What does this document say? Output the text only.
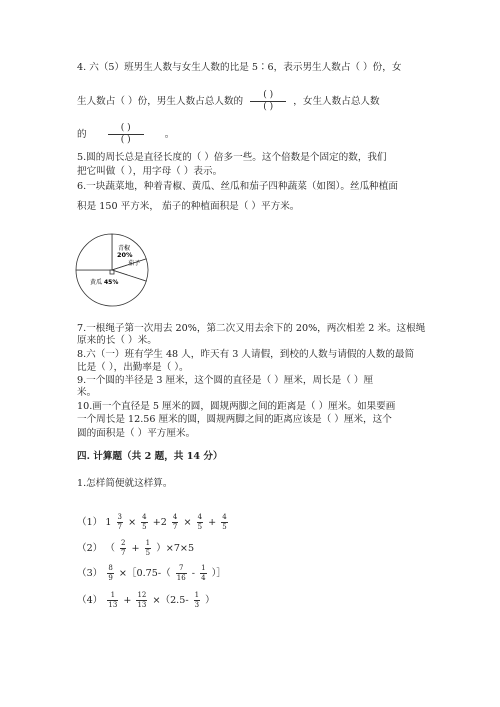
4. 六（5）班男生人数与女生人数的比是 5∶6，表示男生人数占（ ）份，女
生人数占（ ）份，男生人数占总人数的
( )
( )	，女生人数占总人数
的
( )
( )	。
5.圆的周长总是直径长度的（ ）倍多一些。这个倍数是个固定的数，我们
把它叫做（ ），用字母（ ）表示。
6.一块蔬菜地，种着青椒、黄瓜、丝瓜和茄子四种蔬菜（如图）。丝瓜种植面
积是 150 平方米， 茄子的种植面积是（ ）平方米。
青椒
20%
茄子
黄瓜 45%
7.一根绳子第一次用去 20%，第二次又用去余下的 20%，两次相差 2 米。这根绳
原来的长（ ）米。
8.六（一）班有学生 48 人，昨天有 3 人请假，到校的人数与请假的人数的最简
比是（ ），出勤率是（ ）。
9.一个圆的半径是 3 厘米，这个圆的直径是（ ）厘米，周长是（ ）厘
米。
10.画一个直径是 5 厘米的圆，圆规两脚之间的距离是（ ）厘米。如果要画
一个周长是 12.56 厘米的圆，圆规两脚之间的距离应该是（ ）厘米，这个
圆的面积是（ ）平方厘米。
四. 计算题（共 2 题，共 14 分）
1.怎样简便就这样算。
（1） $1 \frac{3}{7} \times \frac{4}{5} +2 \frac{4}{7} \times \frac{4}{5} + \frac{4}{5}$
（2） （ $\frac{2}{7} + \frac{1}{5} )\times 7\times 5$
$(3) \frac{8}{9}$ ×［0.75-（ $\frac{7}{16} - \frac{1}{4}$ ）］
$(4) \frac{1}{13} + \frac{12}{13} \times(2.5- \frac{1}{3}$ ）
